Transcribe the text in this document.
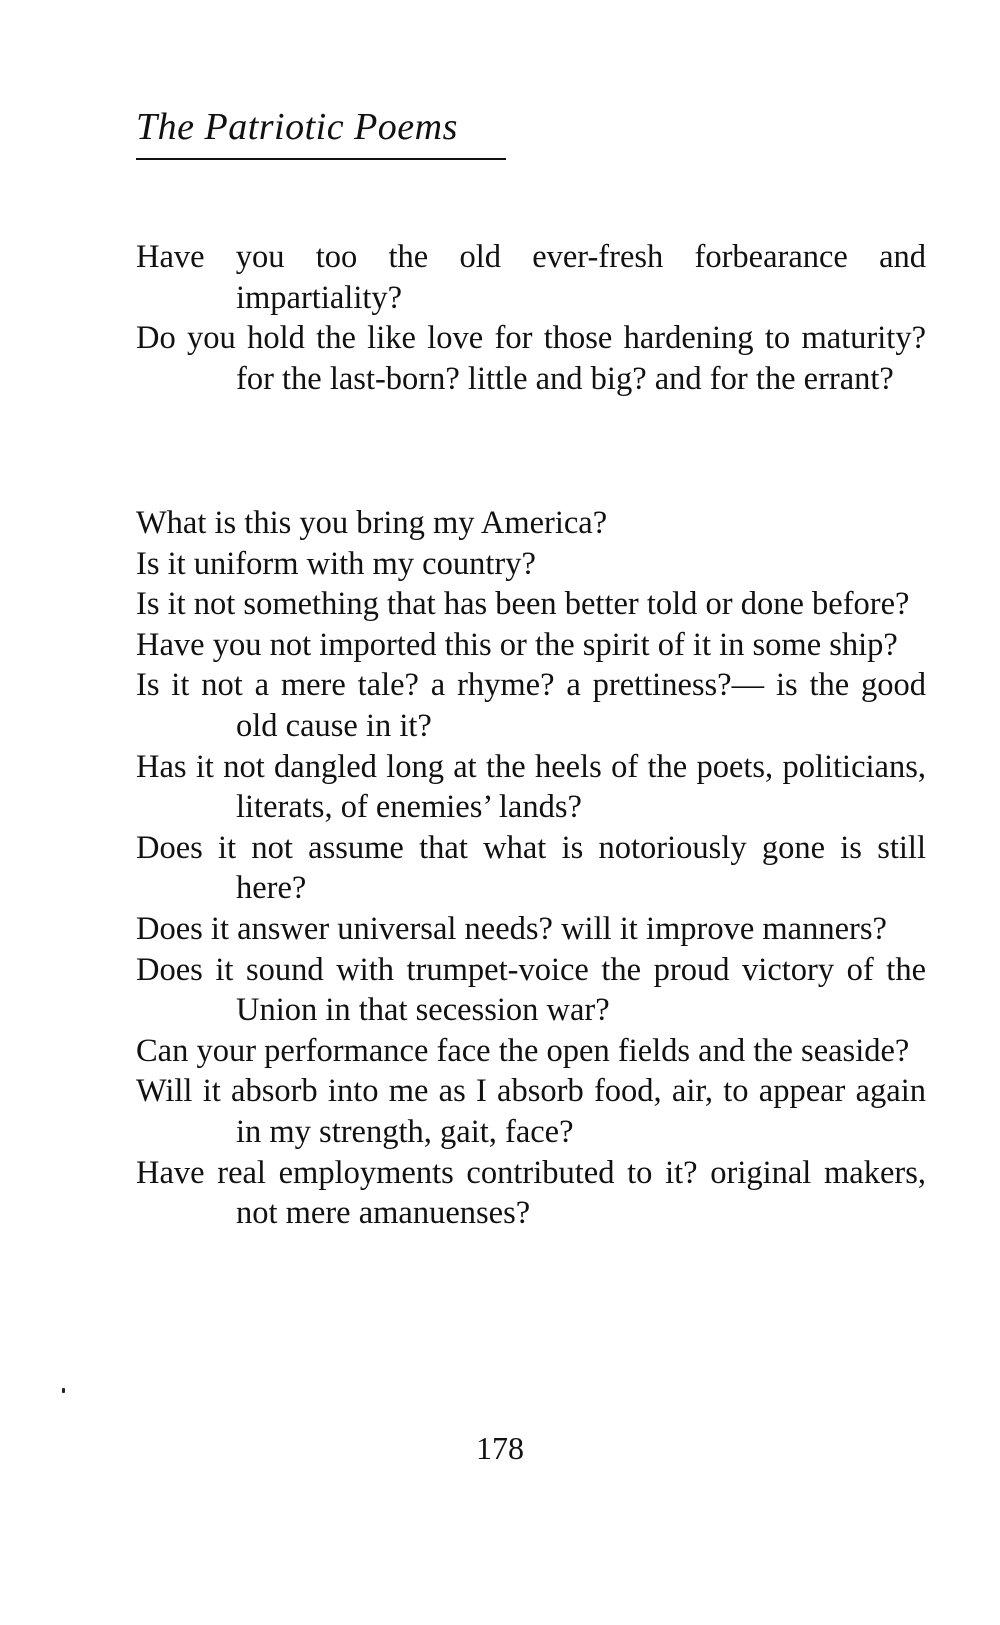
The Patriotic Poems

Have you too the old ever-fresh forbearance and impartiality?

Do you hold the like love for those hardening to maturity? for the last-born? little and big? and for the errant?

What is this you bring my America?

Is it uniform with my country?

Is it not something that has been better told or done before?

Have you not imported this or the spirit of it in some ship?

Is it not a mere tale? a rhyme? a prettiness?— is the good old cause in it?

Has it not dangled long at the heels of the poets, politicians, literats, of enemies’ lands?

Does it not assume that what is notoriously gone is still here?

Does it answer universal needs? will it improve manners?

Does it sound with trumpet-voice the proud victory of the Union in that secession war?

Can your performance face the open fields and the seaside?

Will it absorb into me as I absorb food, air, to appear again in my strength, gait, face?

Have real employments contributed to it? original makers, not mere amanuenses?

178
